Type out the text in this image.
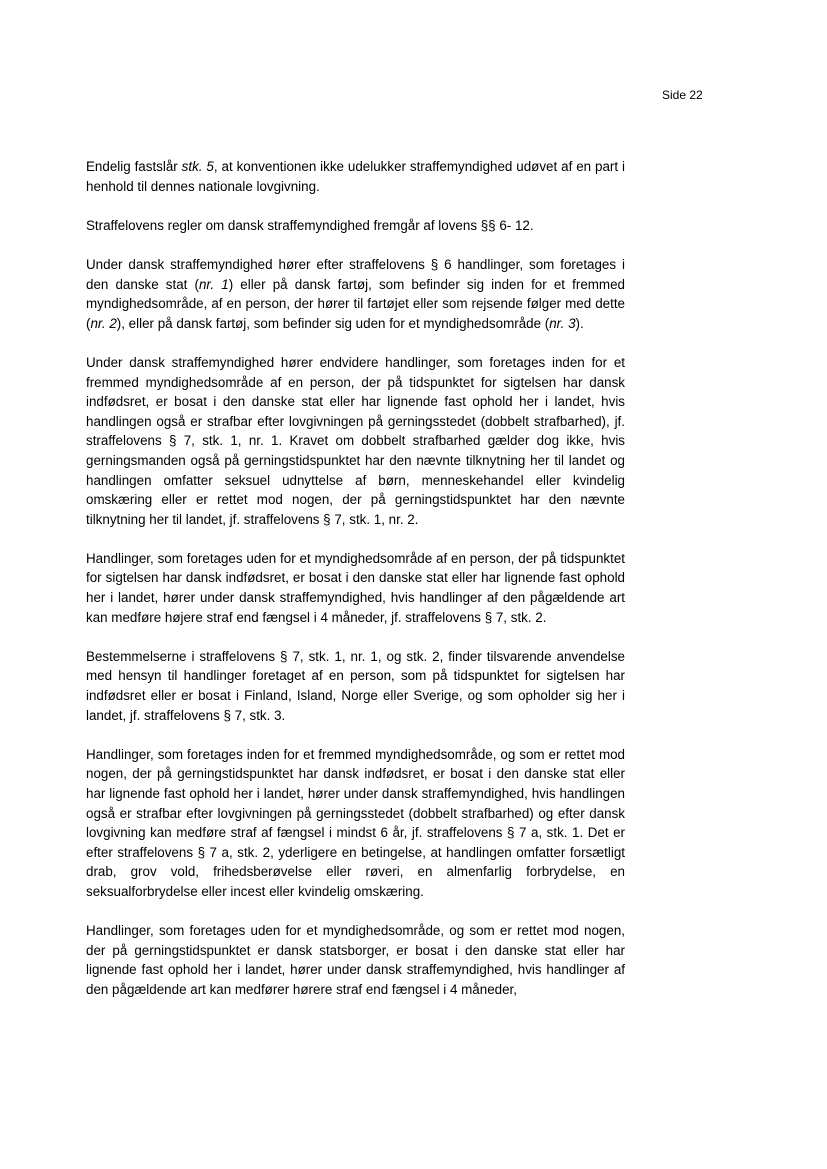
Side 22

Endelig fastslår stk. 5, at konventionen ikke udelukker straffemyndighed udøvet af en part i henhold til dennes nationale lovgivning.

Straffelovens regler om dansk straffemyndighed fremgår af lovens §§ 6- 12.

Under dansk straffemyndighed hører efter straffelovens § 6 handlinger, som foretages i den danske stat (nr. 1) eller på dansk fartøj, som befinder sig inden for et fremmed myndighedsområde, af en person, der hører til fartøjet eller som rejsende følger med dette (nr. 2), eller på dansk fartøj, som befinder sig uden for et myndighedsområde (nr. 3).

Under dansk straffemyndighed hører endvidere handlinger, som foretages inden for et fremmed myndighedsområde af en person, der på tidspunktet for sigtelsen har dansk indfødsret, er bosat i den danske stat eller har lignende fast ophold her i landet, hvis handlingen også er strafbar efter lovgivningen på gerningsstedet (dobbelt strafbarhed), jf. straffelovens § 7, stk. 1, nr. 1. Kravet om dobbelt strafbarhed gælder dog ikke, hvis gerningsmanden også på gerningstidspunktet har den nævnte tilknytning her til landet og handlingen omfatter seksuel udnyttelse af børn, menneskehandel eller kvindelig omskæring eller er rettet mod nogen, der på gerningstidspunktet har den nævnte tilknytning her til landet, jf. straffelovens § 7, stk. 1, nr. 2.

Handlinger, som foretages uden for et myndighedsområde af en person, der på tidspunktet for sigtelsen har dansk indfødsret, er bosat i den danske stat eller har lignende fast ophold her i landet, hører under dansk straffemyndighed, hvis handlinger af den pågældende art kan medføre højere straf end fængsel i 4 måneder, jf. straffelovens § 7, stk. 2.

Bestemmelserne i straffelovens § 7, stk. 1, nr. 1, og stk. 2, finder tilsvarende anvendelse med hensyn til handlinger foretaget af en person, som på tidspunktet for sigtelsen har indfødsret eller er bosat i Finland, Island, Norge eller Sverige, og som opholder sig her i landet, jf. straffelovens § 7, stk. 3.

Handlinger, som foretages inden for et fremmed myndighedsområde, og som er rettet mod nogen, der på gerningstidspunktet har dansk indfødsret, er bosat i den danske stat eller har lignende fast ophold her i landet, hører under dansk straffemyndighed, hvis handlingen også er strafbar efter lovgivningen på gerningsstedet (dobbelt strafbarhed) og efter dansk lovgivning kan medføre straf af fængsel i mindst 6 år, jf. straffelovens § 7 a, stk. 1. Det er efter straffelovens § 7 a, stk. 2, yderligere en betingelse, at handlingen omfatter forsætligt drab, grov vold, frihedsberøvelse eller røveri, en almenfarlig forbrydelse, en seksualforbrydelse eller incest eller kvindelig omskæring.

Handlinger, som foretages uden for et myndighedsområde, og som er rettet mod nogen, der på gerningstidspunktet er dansk statsborger, er bosat i den danske stat eller har lignende fast ophold her i landet, hører under dansk straffemyndighed, hvis handlinger af den pågældende art kan medfører hørere straf end fængsel i 4 måneder,
